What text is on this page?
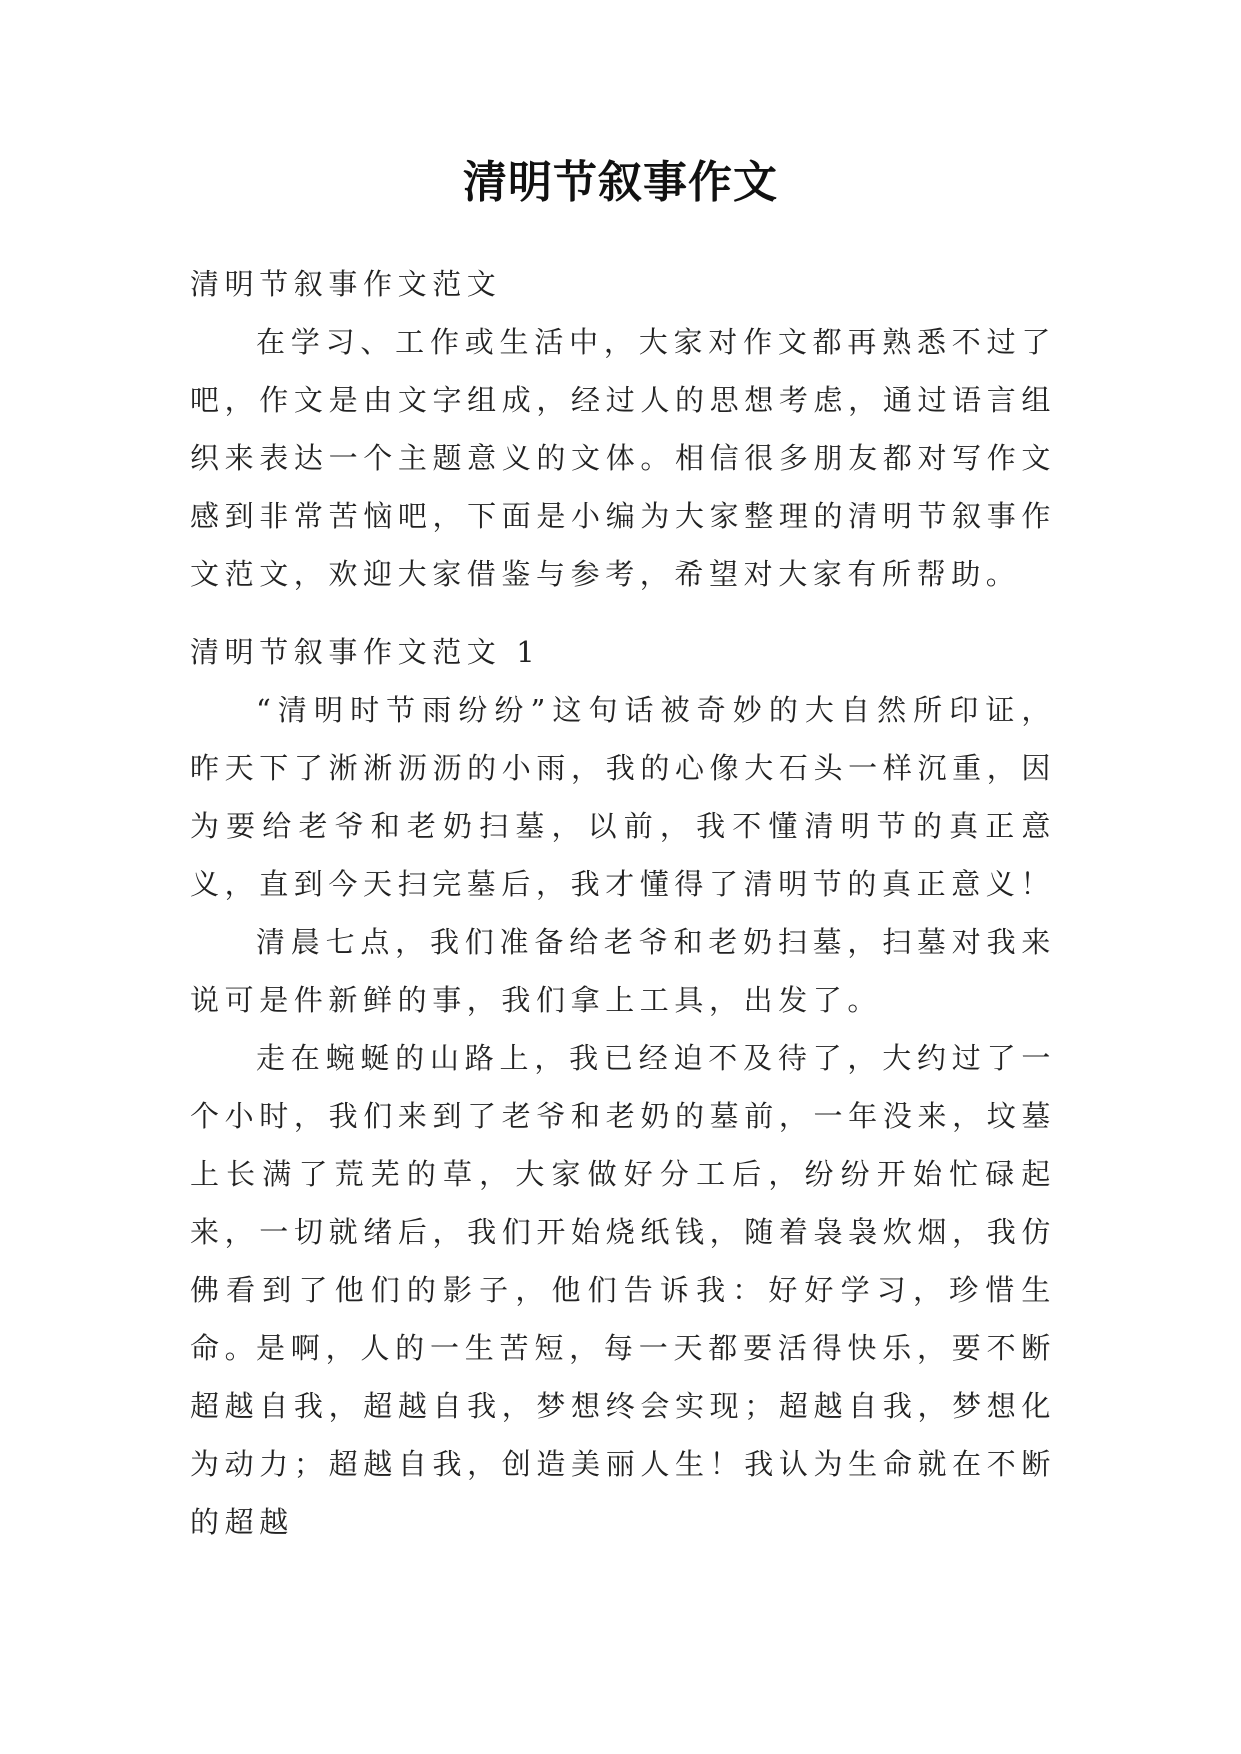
清明节叙事作文

清明节叙事作文范文

在学习、工作或生活中，大家对作文都再熟悉不过了吧，作文是由文字组成，经过人的思想考虑，通过语言组织来表达一个主题意义的文体。相信很多朋友都对写作文感到非常苦恼吧，下面是小编为大家整理的清明节叙事作文范文，欢迎大家借鉴与参考，希望对大家有所帮助。

清明节叙事作文范文 1

“清明时节雨纷纷”这句话被奇妙的大自然所印证，昨天下了淅淅沥沥的小雨，我的心像大石头一样沉重，因为要给老爷和老奶扫墓，以前，我不懂清明节的真正意义，直到今天扫完墓后，我才懂得了清明节的真正意义！

清晨七点，我们准备给老爷和老奶扫墓，扫墓对我来说可是件新鲜的事，我们拿上工具，出发了。

走在蜿蜒的山路上，我已经迫不及待了，大约过了一个小时，我们来到了老爷和老奶的墓前，一年没来，坟墓上长满了荒芜的草，大家做好分工后，纷纷开始忙碌起来，一切就绪后，我们开始烧纸钱，随着袅袅炊烟，我仿佛看到了他们的影子，他们告诉我：好好学习，珍惜生命。

是啊，人的一生苦短，每一天都要活得快乐，要不断超越自我，超越自我，梦想终会实现；超越自我，梦想化为动力；超越自我，创造美丽人生！我认为生命就在不断的超越
